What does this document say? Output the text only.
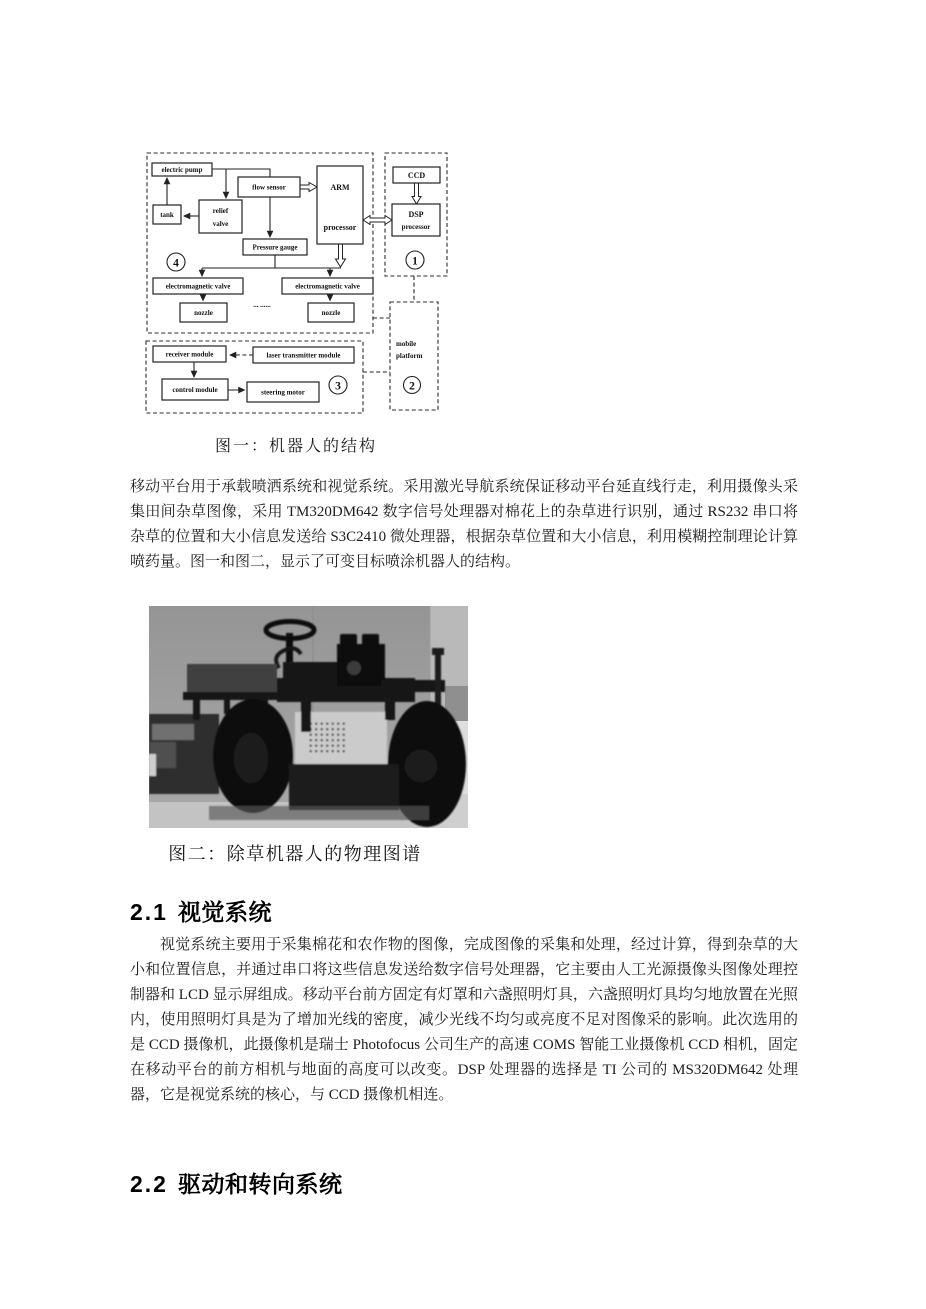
electric pump
flow sensor	ARM
processor
tank	relief
valve
Pressure gauge
electromagnetic valve	electromagnetic valve
nozzle	nozzle
... ......
CCD
DSP
processor
receiver module	laser transmitter module
control module	steering motor
mobile
platform
4	1
3	2
图一：机器人的结构
移动平台用于承载喷洒系统和视觉系统。采用激光导航系统保证移动平台延直线行走，利用摄像头采集田间杂草图像，采用 TM320DM642 数字信号处理器对棉花上的杂草进行识别，通过 RS232 串口将杂草的位置和大小信息发送给 S3C2410 微处理器，根据杂草位置和大小信息，利用模糊控制理论计算喷药量。图一和图二，显示了可变目标喷涂机器人的结构。
图二：除草机器人的物理图谱
2.1 视觉系统
视觉系统主要用于采集棉花和农作物的图像，完成图像的采集和处理，经过计算，得到杂草的大小和位置信息，并通过串口将这些信息发送给数字信号处理器，它主要由人工光源摄像头图像处理控制器和 LCD 显示屏组成。移动平台前方固定有灯罩和六盏照明灯具，六盏照明灯具均匀地放置在光照内，使用照明灯具是为了增加光线的密度，减少光线不均匀或亮度不足对图像采的影响。此次选用的是 CCD 摄像机，此摄像机是瑞士 Photofocus 公司生产的高速 COMS 智能工业摄像机 CCD 相机，固定在移动平台的前方相机与地面的高度可以改变。DSP 处理器的选择是 TI 公司的 MS320DM642 处理器，它是视觉系统的核心，与 CCD 摄像机相连。
2.2 驱动和转向系统
